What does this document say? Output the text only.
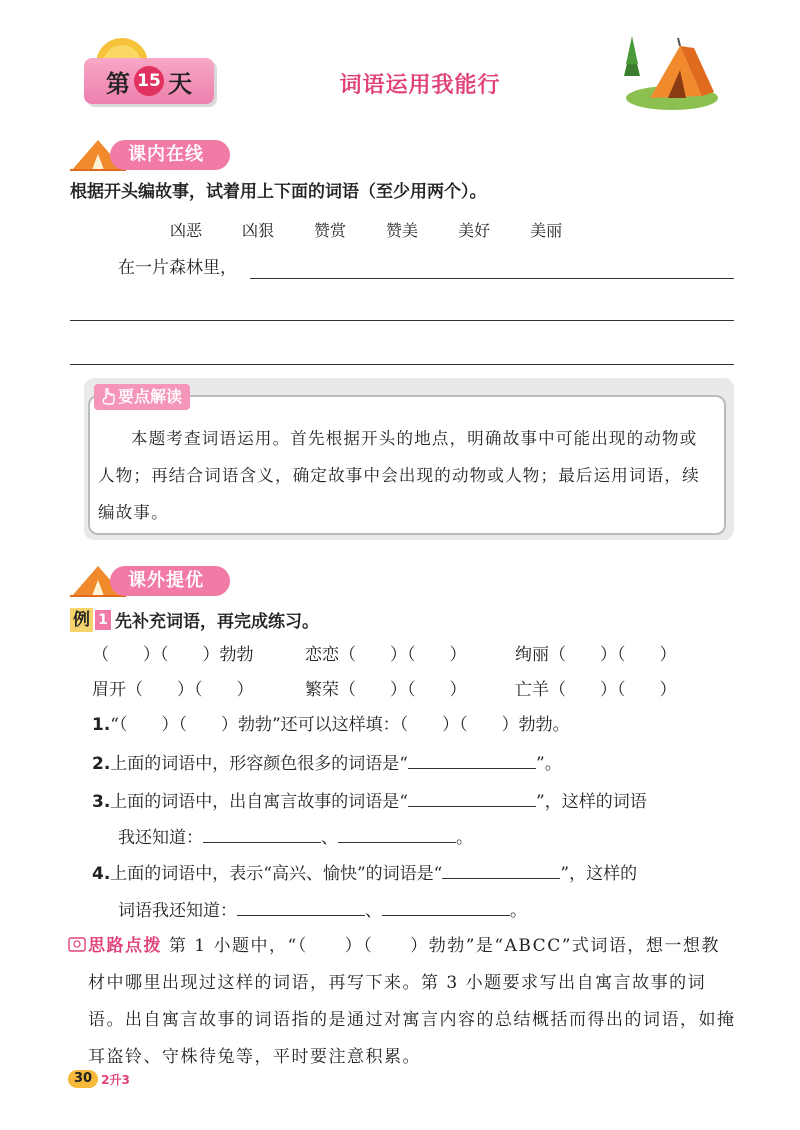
第 15 天	词语运用我能行
课内在线
根据开头编故事，试着用上下面的词语（至少用两个）。
凶恶	凶狠	赞赏	赞美	美好	美丽
在一片森林里，
要点解读
本题考查词语运用。首先根据开头的地点，明确故事中可能出现的动物或人物；再结合词语含义，确定故事中会出现的动物或人物；最后运用词语，续编故事。
课外提优
例 1 先补充词语，再完成练习。
（　　）（　　）勃勃	恋恋（　　）（　　）	绚丽（　　）（　　）
眉开（　　）（　　）	繁荣（　　）（　　）	亡羊（　　）（　　）
1.“（　　）（　　）勃勃”还可以这样填：（　　）（　　）勃勃。
2.上面的词语中，形容颜色很多的词语是“	”。
3.上面的词语中，出自寓言故事的词语是“	”，这样的词语
我还知道：	、	。
4.上面的词语中，表示“高兴、愉快”的词语是“	”，这样的
词语我还知道：	、	。
思路点拨 第 1 小题中，“（　　）（　　）勃勃”是“ABCC”式词语，想一想教材中哪里出现过这样的词语，再写下来。第 3 小题要求写出自寓言故事的词语。出自寓言故事的词语指的是通过对寓言内容的总结概括而得出的词语，如掩耳盗铃、守株待兔等，平时要注意积累。
30 2升3
